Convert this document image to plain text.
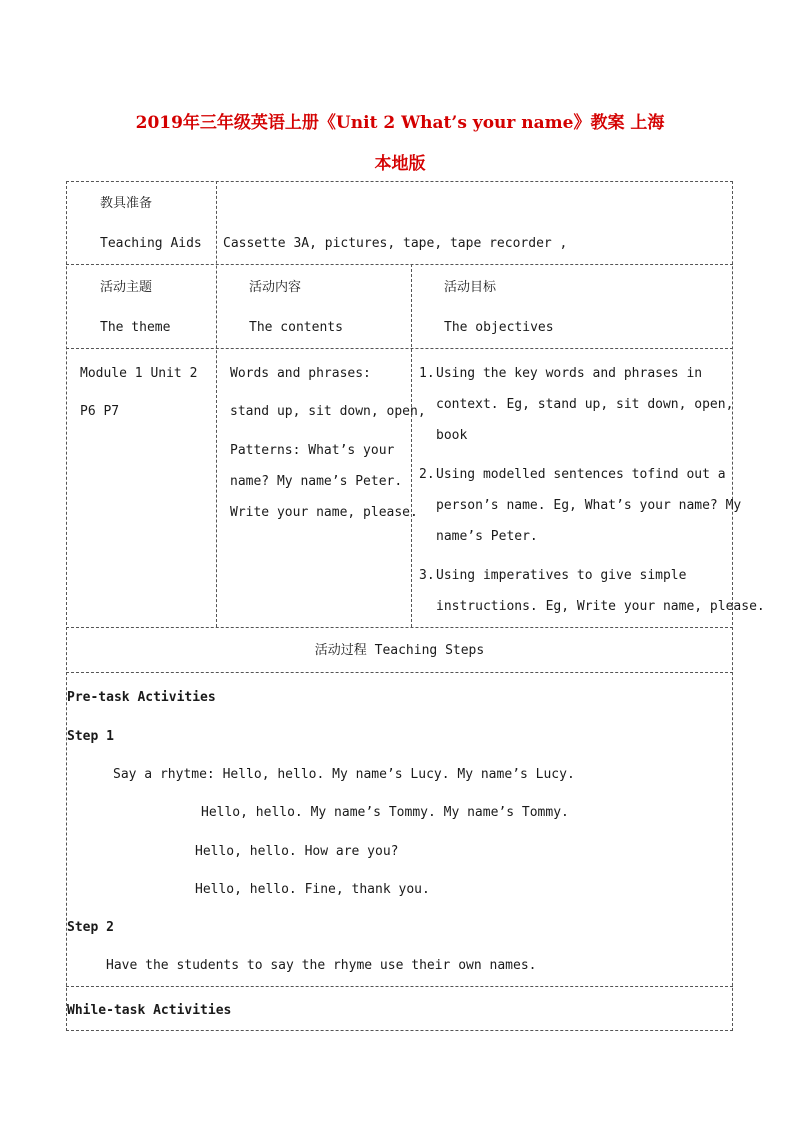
2019年三年级英语上册《Unit 2 What’s your name》教案 上海
本地版
教具准备
Teaching Aids Cassette 3A, pictures, tape, tape recorder ,
活动主题
The theme
活动内容
The contents
活动目标
The objectives
Module 1 Unit 2
P6 P7
Words and phrases:
stand up, sit down, open,
Patterns: What’s your
name? My name’s Peter.
Write your name, please.
1. Using the key words and phrases in
context. Eg, stand up, sit down, open,
book
2. Using modelled sentences tofind out a
person’s name. Eg, What’s your name? My
name’s Peter.
3. Using imperatives to give simple
instructions. Eg, Write your name, please.
活动过程 Teaching Steps
Pre-task Activities
Step 1
Say a rhytme: Hello, hello. My name’s Lucy. My name’s Lucy.
Hello, hello. My name’s Tommy. My name’s Tommy.
Hello, hello. How are you?
Hello, hello. Fine, thank you.
Step 2
Have the students to say the rhyme use their own names.
While-task Activities
